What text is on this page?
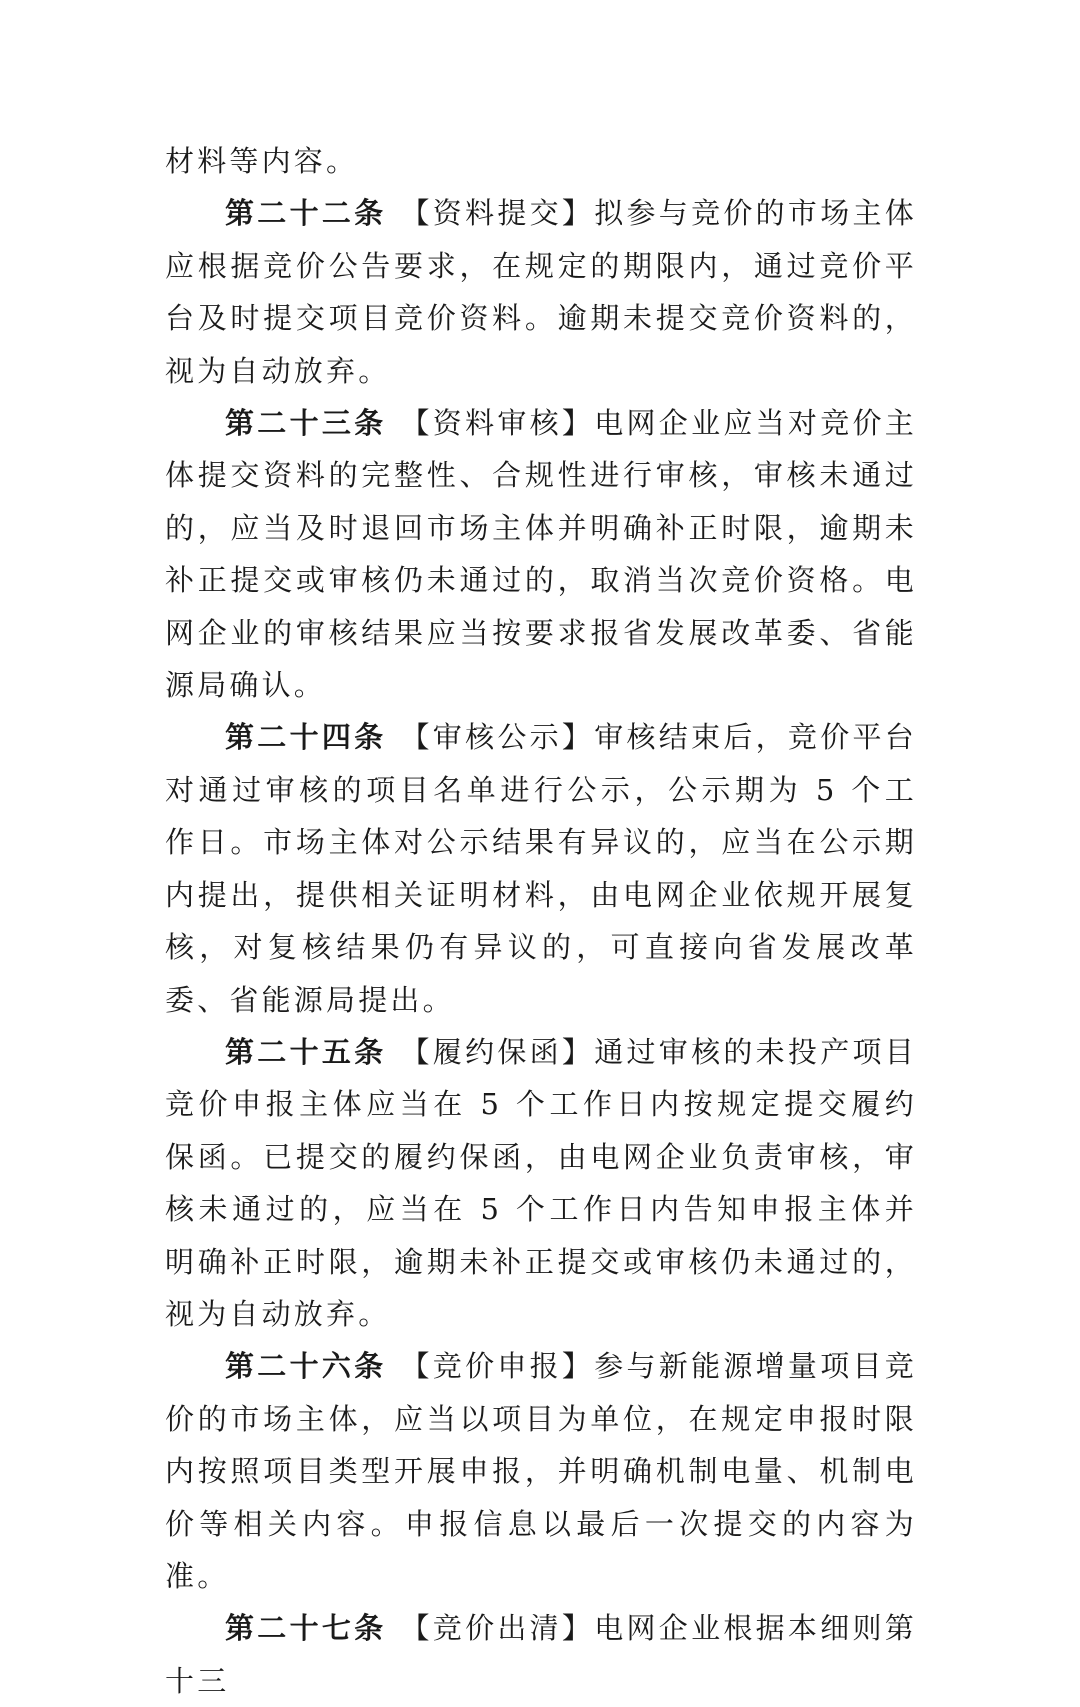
材料等内容。

第二十二条 【资料提交】拟参与竞价的市场主体应根据竞价公告要求，在规定的期限内，通过竞价平台及时提交项目竞价资料。逾期未提交竞价资料的，视为自动放弃。

第二十三条 【资料审核】电网企业应当对竞价主体提交资料的完整性、合规性进行审核，审核未通过的，应当及时退回市场主体并明确补正时限，逾期未补正提交或审核仍未通过的，取消当次竞价资格。电网企业的审核结果应当按要求报省发展改革委、省能源局确认。

第二十四条 【审核公示】审核结束后，竞价平台对通过审核的项目名单进行公示，公示期为 5 个工作日。市场主体对公示结果有异议的，应当在公示期内提出，提供相关证明材料，由电网企业依规开展复核，对复核结果仍有异议的，可直接向省发展改革委、省能源局提出。

第二十五条 【履约保函】通过审核的未投产项目竞价申报主体应当在 5 个工作日内按规定提交履约保函。已提交的履约保函，由电网企业负责审核，审核未通过的，应当在 5 个工作日内告知申报主体并明确补正时限，逾期未补正提交或审核仍未通过的，视为自动放弃。

第二十六条 【竞价申报】参与新能源增量项目竞价的市场主体，应当以项目为单位，在规定申报时限内按照项目类型开展申报，并明确机制电量、机制电价等相关内容。申报信息以最后一次提交的内容为准。

第二十七条 【竞价出清】电网企业根据本细则第十三
